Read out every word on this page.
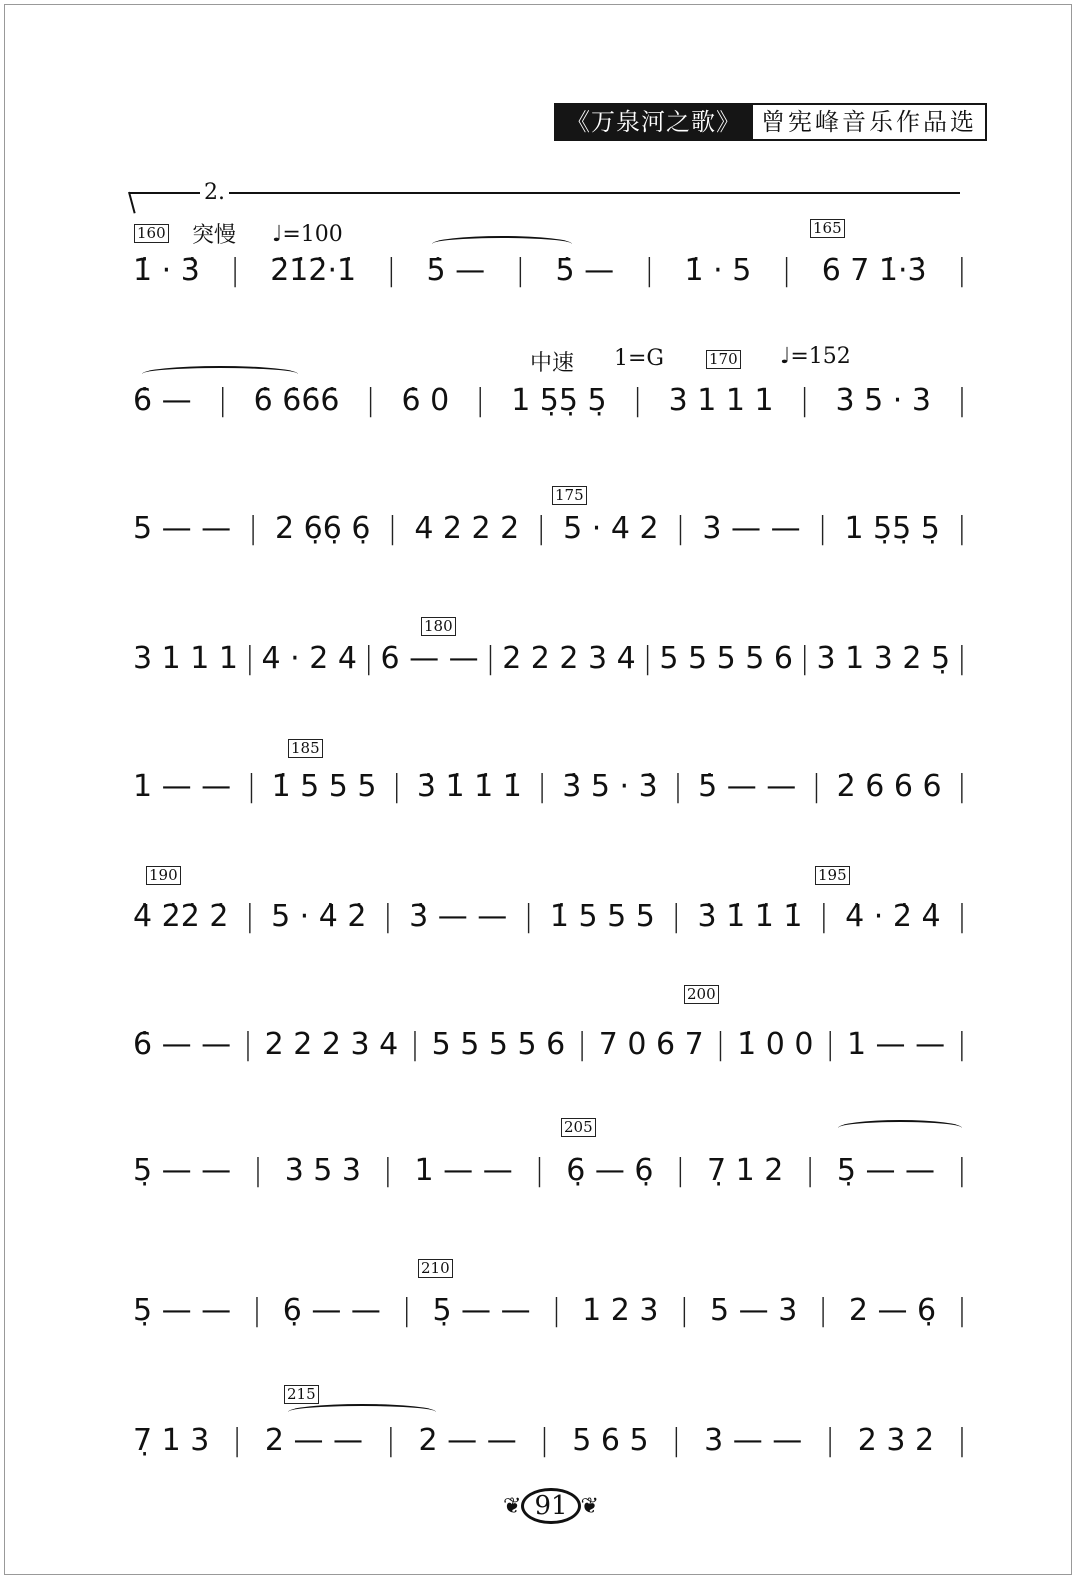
《万泉河之歌》 曾宪峰音乐作品选
2.
160 突慢 ♩=100	165
中速 1=G	170 ♩=152
175
180
185
190	195
200
205
210
215
1̇ · 3̇ | 2̇1̇2̇·1̇ | 5̇ — | 5̇ — | 1̇ · 5 | 6 7 1̇·3̇ |
6̇ — | 6̇ 6̇6̇6̇ | 6̇ 0 | 1 5̣5̣ 5̣ | 3 1 1 1 | 3 5 · 3 |
5 — — | 2 6̣6̣ 6̣ | 4 2 2 2 | 5 · 4 2 | 3 — — | 1 5̣5̣ 5̣ |
3 1 1 1 | 4 · 2 4 | 6 — — | 2 2 2 3 4 | 5 5 5 5 6 | 3 1 3 2 5̣ |
1 — — | 1̇ 5 5 5 | 3̇ 1̇ 1̇ 1̇ | 3̇ 5 · 3̇ | 5̇ — — | 2̇ 6 6 6 |
4̇ 2̇2̇ 2̇ | 5 · 4̇ 2̇ | 3̇ — — | 1̇ 5 5 5 | 3̇ 1̇ 1̇ 1̇ | 4̇ · 2̇ 4̇ |
6̇ — — | 2 2 2 3 4 | 5 5 5 5 6 | 7 0 6 7 | 1̇ 0 0 | 1 — — |
5̣ — — | 3 5 3 | 1 — — | 6̣ — 6̣ | 7̣ 1 2 | 5̣ — — |
5̣ — — | 6̣ — — | 5̣ — — | 1 2 3 | 5 — 3 | 2 — 6̣ |
7̣ 1 3 | 2 — — | 2 — — | 5 6 5 | 3 — — | 2 3 2 |
❦ 91 ❦
